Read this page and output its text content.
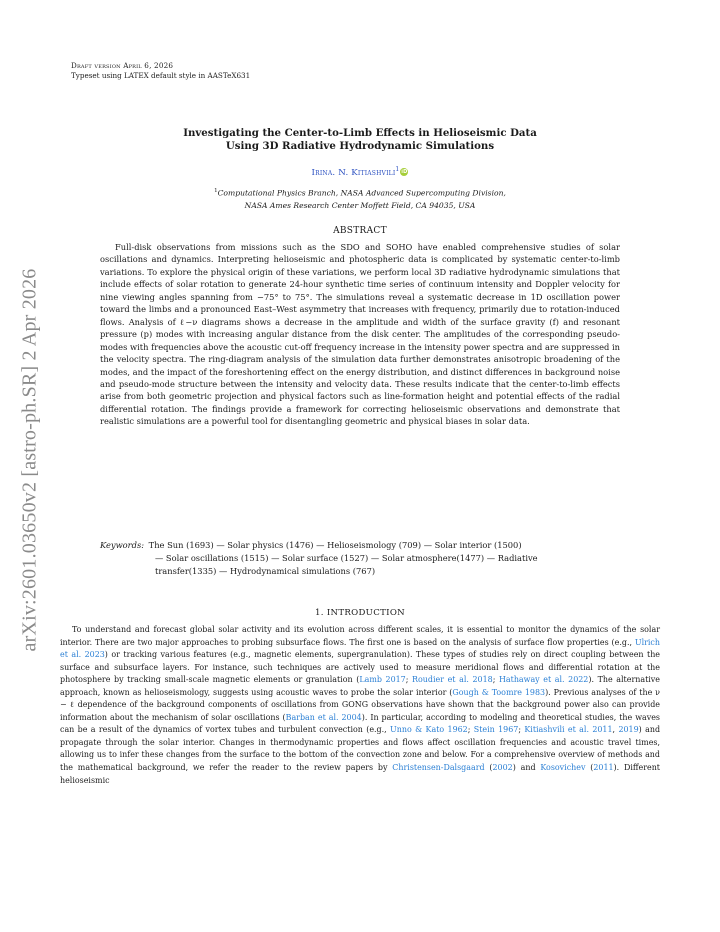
arXiv:2601.03650v2 [astro-ph.SR] 2 Apr 2026
Draft version April 6, 2026
Typeset using LATEX default style in AASTeX631
Investigating the Center-to-Limb Effects in Helioseismic Data
Using 3D Radiative Hydrodynamic Simulations
Irina. N. Kitiashvili$^1$ iD
$^1$Computational Physics Branch, NASA Advanced Supercomputing Division,
NASA Ames Research Center Moffett Field, CA 94035, USA
ABSTRACT
Full-disk observations from missions such as the SDO and SOHO have enabled comprehensive studies of solar oscillations and dynamics. Interpreting helioseismic and photospheric data is complicated by systematic center-to-limb variations. To explore the physical origin of these variations, we perform local 3D radiative hydrodynamic simulations that include effects of solar rotation to generate 24-hour synthetic time series of continuum intensity and Doppler velocity for nine viewing angles spanning from −75° to 75°. The simulations reveal a systematic decrease in 1D oscillation power toward the limbs and a pronounced East–West asymmetry that increases with frequency, primarily due to rotation-induced flows. Analysis of ℓ−ν diagrams shows a decrease in the amplitude and width of the surface gravity (f) and resonant pressure (p) modes with increasing angular distance from the disk center. The amplitudes of the corresponding pseudo-modes with frequencies above the acoustic cut-off frequency increase in the intensity power spectra and are suppressed in the velocity spectra. The ring-diagram analysis of the simulation data further demonstrates anisotropic broadening of the modes, and the impact of the foreshortening effect on the energy distribution, and distinct differences in background noise and pseudo-mode structure between the intensity and velocity data. These results indicate that the center-to-limb effects arise from both geometric projection and physical factors such as line-formation height and potential effects of the radial differential rotation. The findings provide a framework for correcting helioseismic observations and demonstrate that realistic simulations are a powerful tool for disentangling geometric and physical biases in solar data.
Keywords: The Sun (1693) — Solar physics (1476) — Helioseismology (709) — Solar interior (1500)
— Solar oscillations (1515) — Solar surface (1527) — Solar atmosphere(1477) — Radiative
transfer(1335) — Hydrodynamical simulations (767)
1. INTRODUCTION
To understand and forecast global solar activity and its evolution across different scales, it is essential to monitor the dynamics of the solar interior. There are two major approaches to probing subsurface flows. The first one is based on the analysis of surface flow properties (e.g., Ulrich et al. 2023) or tracking various features (e.g., magnetic elements, supergranulation). These types of studies rely on direct coupling between the surface and subsurface layers. For instance, such techniques are actively used to measure meridional flows and differential rotation at the photosphere by tracking small-scale magnetic elements or granulation (Lamb 2017; Roudier et al. 2018; Hathaway et al. 2022). The alternative approach, known as helioseismology, suggests using acoustic waves to probe the solar interior (Gough & Toomre 1983). Previous analyses of the ν − ℓ dependence of the background components of oscillations from GONG observations have shown that the background power also can provide information about the mechanism of solar oscillations (Barban et al. 2004). In particular, according to modeling and theoretical studies, the waves can be a result of the dynamics of vortex tubes and turbulent convection (e.g., Unno & Kato 1962; Stein 1967; Kitiashvili et al. 2011, 2019) and propagate through the solar interior. Changes in thermodynamic properties and flows affect oscillation frequencies and acoustic travel times, allowing us to infer these changes from the surface to the bottom of the convection zone and below. For a comprehensive overview of methods and the mathematical background, we refer the reader to the review papers by Christensen-Dalsgaard (2002) and Kosovichev (2011). Different helioseismic
